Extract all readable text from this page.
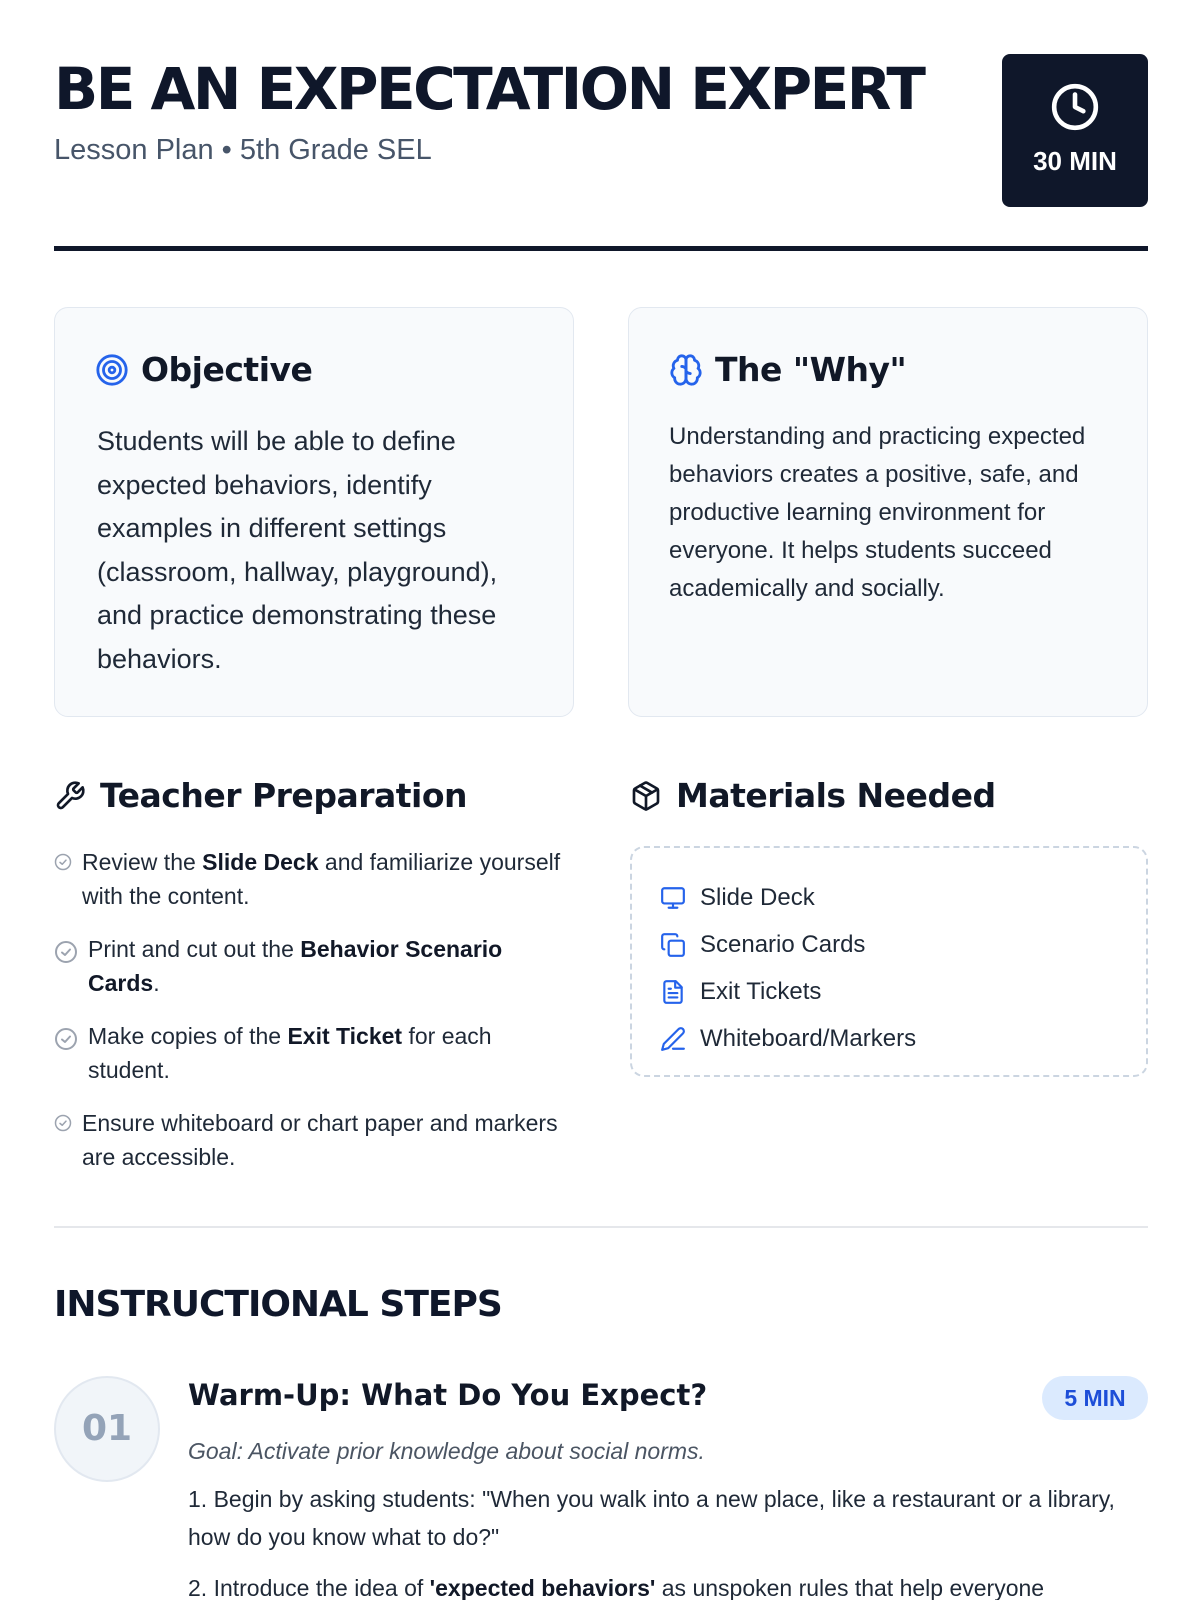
BE AN EXPECTATION EXPERT
Lesson Plan • 5th Grade SEL	30 MIN
Objective
Students will be able to define expected behaviors, identify examples in different settings (classroom, hallway, playground), and practice demonstrating these behaviors.
The "Why"
Understanding and practicing expected behaviors creates a positive, safe, and productive learning environment for everyone. It helps students succeed academically and socially.
Teacher Preparation
Review the Slide Deck and familiarize yourself with the content.
Print and cut out the Behavior Scenario Cards.
Make copies of the Exit Ticket for each student.
Ensure whiteboard or chart paper and markers are accessible.
Materials Needed
Slide Deck
Scenario Cards
Exit Tickets
Whiteboard/Markers
INSTRUCTIONAL STEPS
01
Warm-Up: What Do You Expect?	5 MIN
Goal: Activate prior knowledge about social norms.
1. Begin by asking students: "When you walk into a new place, like a restaurant or a library, how do you know what to do?"
2. Introduce the idea of 'expected behaviors' as unspoken rules that help everyone
